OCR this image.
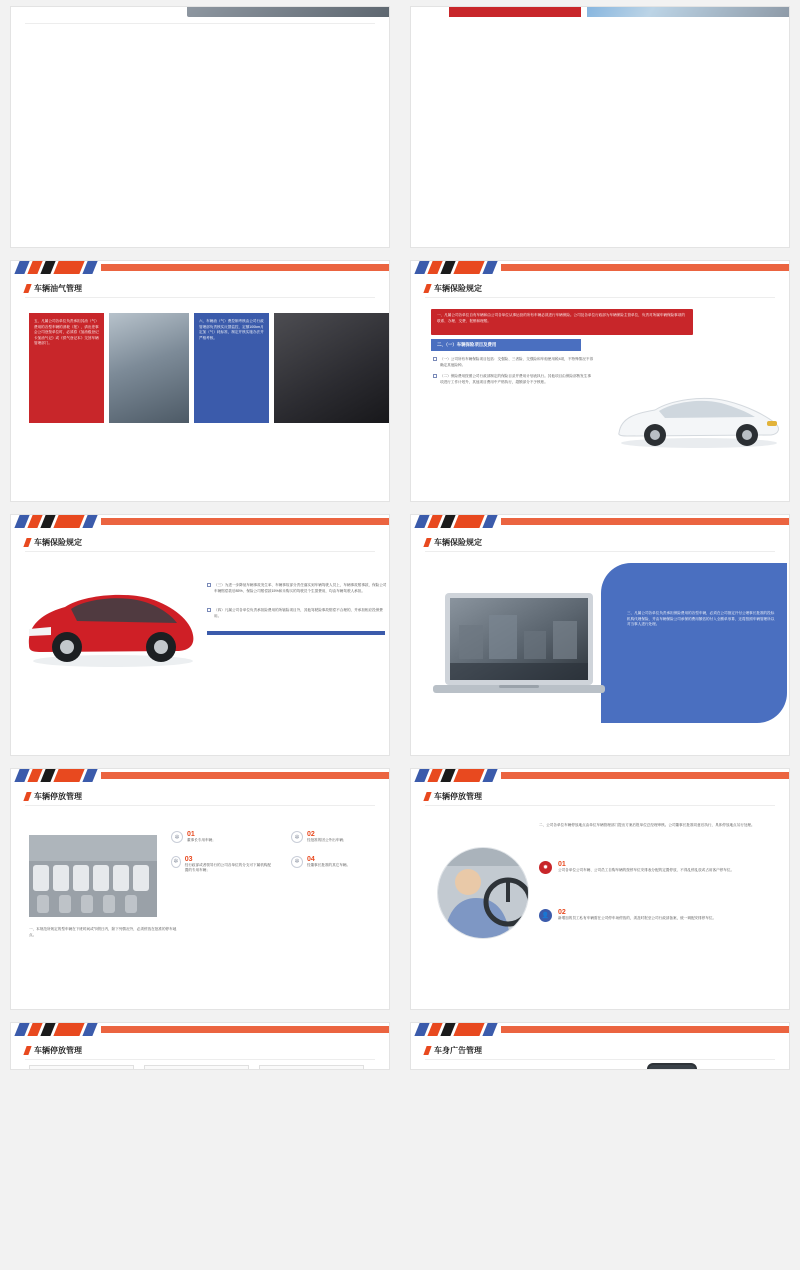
车辆油气管理
五、凡属公司各单位负责承担其油（气）费用的各型车辆的消耗（报），请出差事会公司登按单位时，必须将《加油级登记卡加油气记》或《供气登记本》交回车辆管理部门。
六、车辆油（气）费控制考核由公司行政管理部负责核实反馈监控，定额100km月定加（气）耗标准，制定并核实施办法并严格考核。
车辆保险规定
一、凡属公司各单位自有车辆和由公司各单位从事运营的所有车辆必须进行车辆保险。公司及各单位行政部为车辆保险主管单位，负责对所属车辆保险事项的联系、办理、交费、报销和理赔。
二、（一）车辆保险项目及费用
（一）公司所有车辆保险项目包括：交强险、三者险、交强险和车船使用税4项，不特殊情况不得确定其他险种。
（二）保险费用按照公司行政部制定的保险目录并费用计划表执行。其他项目由保险部核发生事项进行工作计划外，其他项目费用中产格执行，超额部分不予核账。
车辆保险规定
（三）为进一步降低车辆事故发生率、车辆事故部分责任落实到车辆驾驶人员上，车辆事故赔事款，保险公司车辆赔偿款后85%、保险公司赔偿款15%和未购买的驾驶员个生损费用，均由车辆驾驶人承担。
（四）凡属公司各单位负责承担险费用的所辖险项目外，其他驾驶险事故赔偿不合理的，并承担相应投保费用。
车辆保险规定
三、凡属公司各单位负责承担保险费用的各型车辆，必须在公司指定开付公理事长批准的投标机构代理保险，并由车辆保险公司承保的费用额估的付入全额单形算，还将按照车辆管理所以对当事人进行处理。
车辆停放管理
✲	01
董事长专用车辆；	✲	02
经批准的因公外出车辆；
✲ 03
经行政部或者领导行的公司各单位的分支可下属机构配置的专用车辆；
✲	04
经董事长批准的其它车辆。
一、本规范所规定的型车辆在下班时间或节假日内，除下列情况外，必须停放在批准的停车地点。
车辆停放管理
二、公司各单位车辆停放地点由单位车辆管理部门提出方案后报单位总经理审核。公司董事长批准同意后执行，具体停放地点另行处理。
✹	01
公司各单位公司车辆、公司员工自购车辆的按停车位安排表分配的定置停放、不得乱停乱放或占用客户停车位。
👤	02
新增加的员工私有车辆需在公司停车场停放的，须及时报至公司行政部备案，统一调配安排停车位。
车辆停放管理	车身广告管理
